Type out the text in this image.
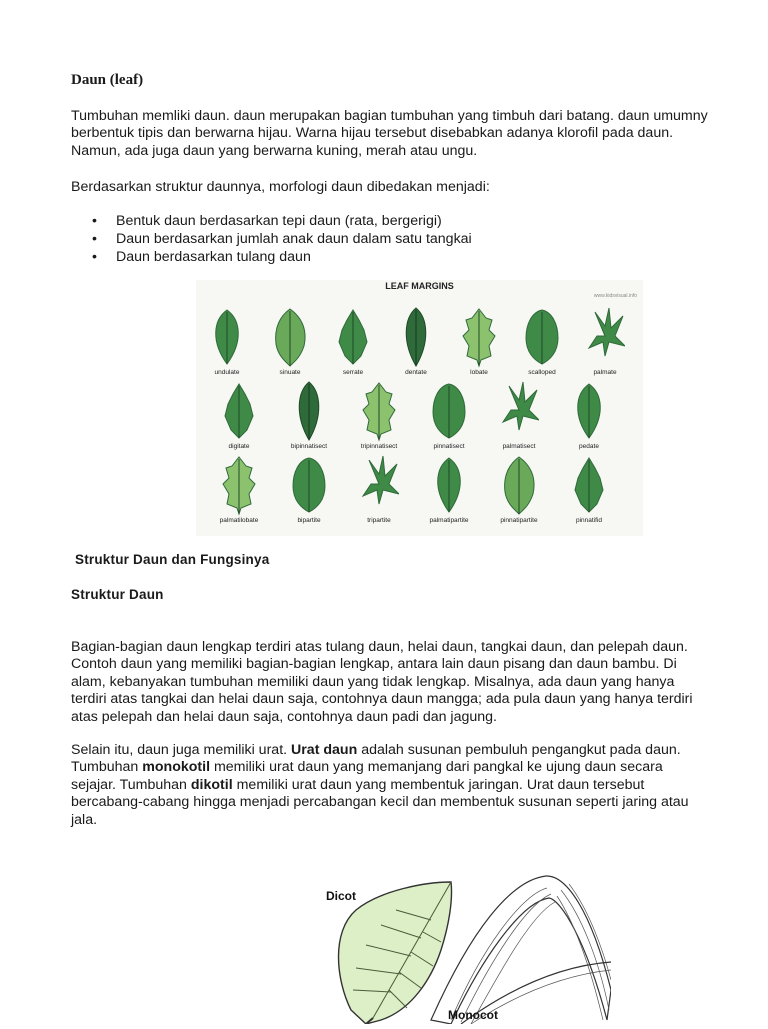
Daun (leaf)
Tumbuhan memliki daun. daun merupakan bagian tumbuhan yang timbuh dari batang. daun umumny berbentuk tipis dan berwarna hijau. Warna hijau tersebut disebabkan adanya klorofil pada daun. Namun, ada juga daun yang berwarna kuning, merah atau ungu.
Berdasarkan struktur daunnya, morfologi daun dibedakan menjadi:
• Bentuk daun berdasarkan tepi daun (rata, bergerigi)
• Daun berdasarkan jumlah anak daun dalam satu tangkai
• Daun berdasarkan tulang daun
LEAF MARGINS
www.kidsvisual.info
undulate	sinuate	serrate	dentate	lobate	scalloped	palmate
digitate	bipinnatisect	tripinnatisect	pinnatisect	palmatisect	pedate
palmatilobate	bipartite	tripartite	palmatipartite	pinnatipartite	pinnatifid
Struktur Daun dan Fungsinya
Struktur Daun
Bagian-bagian daun lengkap terdiri atas tulang daun, helai daun, tangkai daun, dan pelepah daun. Contoh daun yang memiliki bagian-bagian lengkap, antara lain daun pisang dan daun bambu. Di alam, kebanyakan tumbuhan memiliki daun yang tidak lengkap. Misalnya, ada daun yang hanya terdiri atas tangkai dan helai daun saja, contohnya daun mangga; ada pula daun yang hanya terdiri atas pelepah dan helai daun saja, contohnya daun padi dan jagung.
Selain itu, daun juga memiliki urat. Urat daun adalah susunan pembuluh pengangkut pada daun. Tumbuhan monokotil memiliki urat daun yang memanjang dari pangkal ke ujung daun secara sejajar. Tumbuhan dikotil memiliki urat daun yang membentuk jaringan. Urat daun tersebut bercabang-cabang hingga menjadi percabangan kecil dan membentuk susunan seperti jaring atau jala.
Dicot
Monocot
